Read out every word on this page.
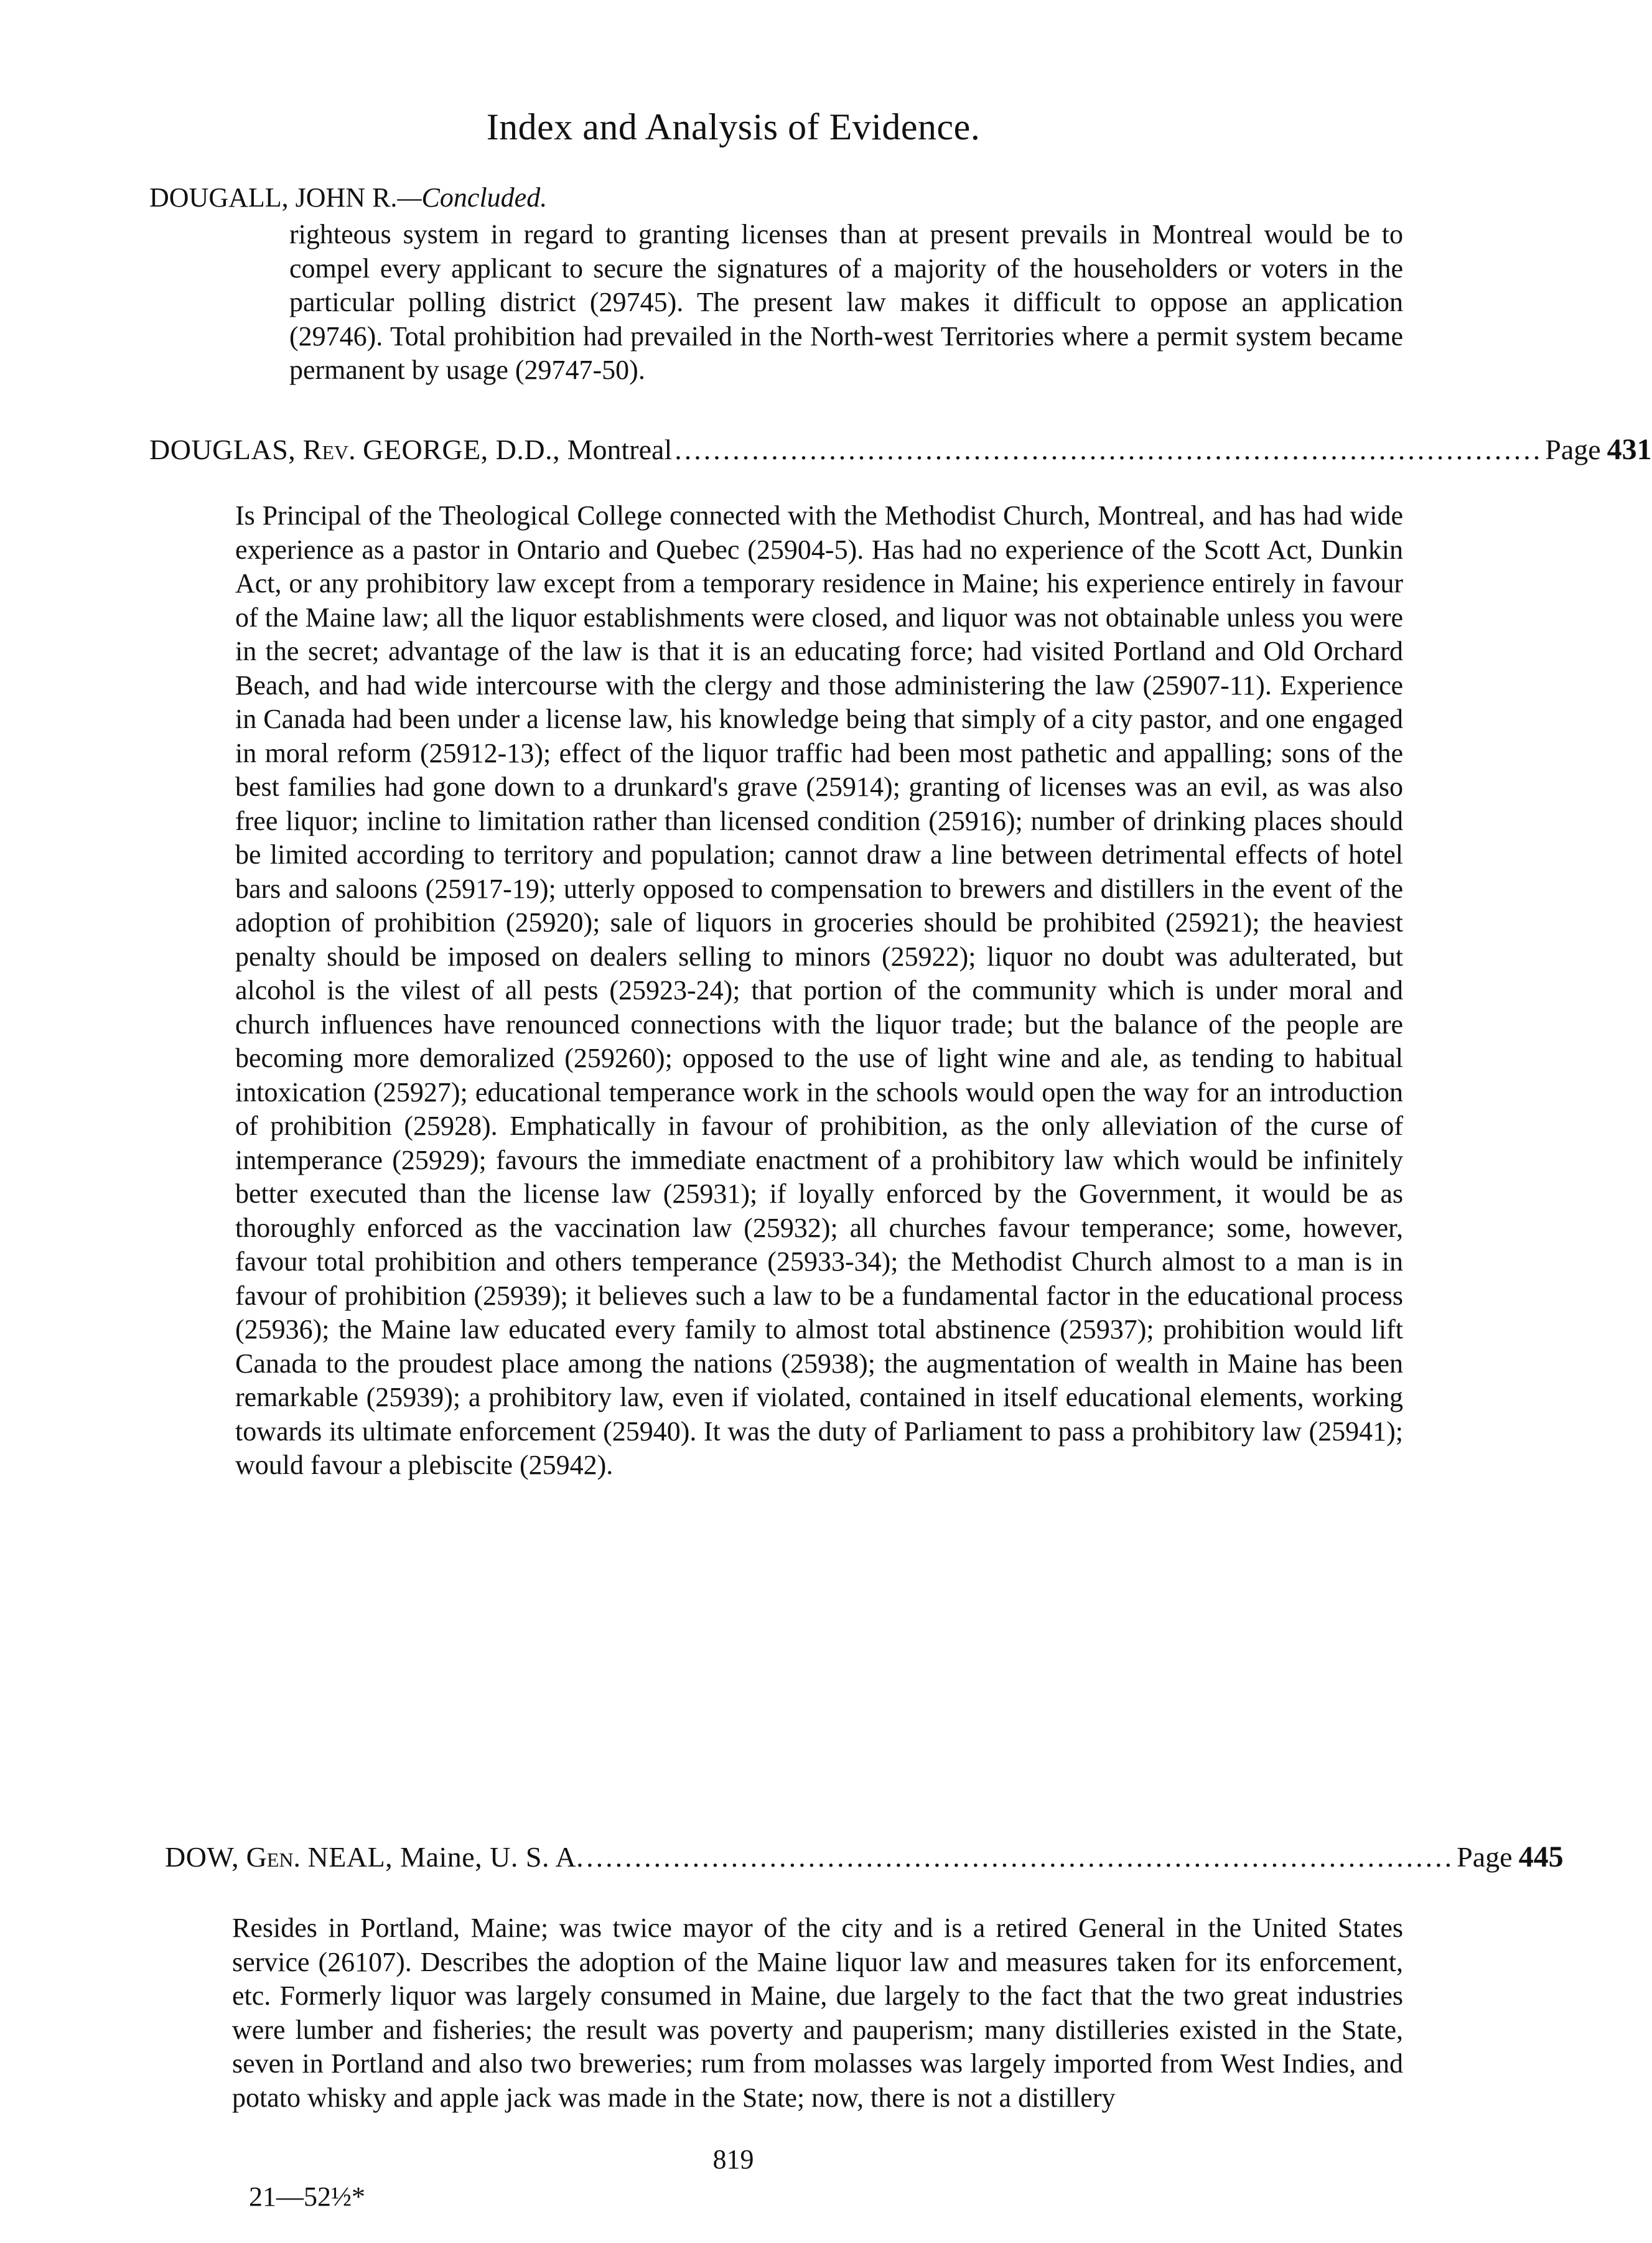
Index and Analysis of Evidence.
DOUGALL, JOHN R.—Concluded.
righteous system in regard to granting licenses than at present prevails in Montreal would be to compel every applicant to secure the signatures of a majority of the householders or voters in the particular polling district (29745). The present law makes it difficult to oppose an application (29746). Total prohibition had prevailed in the North-west Territories where a permit system became permanent by usage (29747-50).
DOUGLAS,
Rev.
GEORGE, D.D.,
Montreal .......................................................................................... Page 431

Is Principal of the Theological College connected with the Methodist Church, Montreal, and has had wide experience as a pastor in Ontario and Quebec (25904-5). Has had no experience of the Scott Act, Dunkin Act, or any prohibitory law except from a temporary residence in Maine; his experience entirely in favour of the Maine law; all the liquor establishments were closed, and liquor was not obtainable unless you were in the secret; advantage of the law is that it is an educating force; had visited Portland and Old Orchard Beach, and had wide intercourse with the clergy and those administering the law (25907-11). Experience in Canada had been under a license law, his knowledge being that simply of a city pastor, and one engaged in moral reform (25912-13); effect of the liquor traffic had been most pathetic and appalling; sons of the best families had gone down to a drunkard's grave (25914); granting of licenses was an evil, as was also free liquor; incline to limitation rather than licensed condition (25916); number of drinking places should be limited according to territory and population; cannot draw a line between detrimental effects of hotel bars and saloons (25917-19); utterly opposed to compensation to brewers and distillers in the event of the adoption of prohibition (25920); sale of liquors in groceries should be prohibited (25921); the heaviest penalty should be imposed on dealers selling to minors (25922); liquor no doubt was adulterated, but alcohol is the vilest of all pests (25923-24); that portion of the community which is under moral and church influences have renounced connections with the liquor trade; but the balance of the people are becoming more demoralized (259260); opposed to the use of light wine and ale, as tending to habitual intoxication (25927); educational temperance work in the schools would open the way for an introduction of prohibition (25928). Emphatically in favour of prohibition, as the only alleviation of the curse of intemperance (25929); favours the immediate enactment of a prohibitory law which would be infinitely better executed than the license law (25931); if loyally enforced by the Government, it would be as thoroughly enforced as the vaccination law (25932); all churches favour temperance; some, however, favour total prohibition and others temperance (25933-34); the Methodist Church almost to a man is in favour of prohibition (25939); it believes such a law to be a fundamental factor in the educational process (25936); the Maine law educated every family to almost total abstinence (25937); prohibition would lift Canada to the proudest place among the nations (25938); the augmentation of wealth in Maine has been remarkable (25939); a prohibitory law, even if violated, contained in itself educational elements, working towards its ultimate enforcement (25940). It was the duty of Parliament to pass a prohibitory law (25941); would favour a plebiscite (25942).

DOW,
Gen.
NEAL, Maine, U. S. A. .......................................................................................... Page 445

Resides in Portland, Maine; was twice mayor of the city and is a retired General in the United States service (26107). Describes the adoption of the Maine liquor law and measures taken for its enforcement, etc. Formerly liquor was largely consumed in Maine, due largely to the fact that the two great industries were lumber and fisheries; the result was poverty and pauperism; many distilleries existed in the State, seven in Portland and also two breweries; rum from molasses was largely imported from West Indies, and potato whisky and apple jack was made in the State; now, there is not a distillery

819
21—52½*
